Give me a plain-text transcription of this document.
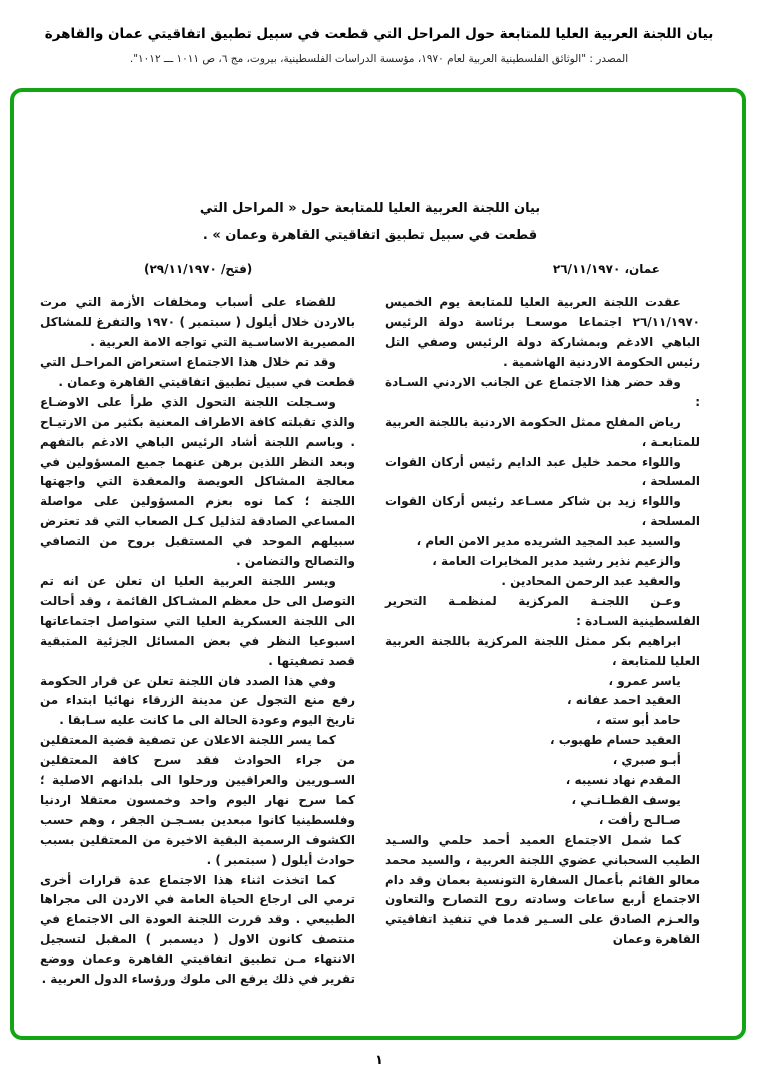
بيان اللجنة العربية العليا للمتابعة حول المراحل التي قطعت في سبيل تطبيق اتفاقيتي عمان والقاهرة
المصدر : "الوثائق الفلسطينية العربية لعام ١٩٧٠، مؤسسة الدراسات الفلسطينية، بيروت، مج ٦، ص ١٠١١ ـــ ١٠١٢".
بيان اللجنة العربية العليا للمتابعة حول « المراحل التي
قطعت في سبيل تطبيق اتفاقيتي القاهرة وعمان » .
عمان، ٢٦/١١/١٩٧٠
(فتح/ ٢٩/١١/١٩٧٠)

عقدت اللجنة العربية العليا للمتابعة يوم الخميس ٢٦/١١/١٩٧٠ اجتماعا موسعـا برئاسة دولة الرئيس الباهي الادغم وبمشاركة دولة الرئيس وصفي التل رئيس الحكومة الاردنية الهاشمية .

وقد حضر هذا الاجتماع عن الجانب الاردني السـادة :

رياض المفلح ممثل الحكومة الاردنية باللجنة العربية للمتابعـة ،

واللواء محمد خليل عبد الدايم رئيس أركان القوات المسلحة ،

واللواء زيد بن شاكر مسـاعد رئيس أركان القوات المسلحة ،

والسيد عبد المجيد الشريده مدير الامن العام ،

والزعيم نذير رشيد مدير المخابرات العامة ،

والعقيد عبد الرحمن المحادين .

وعـن اللجنـة المركزية لمنظمـة التحرير الفلسطينية السـادة :

ابراهيم بكر ممثل اللجنة المركزية باللجنة العربية العليا للمتابعة ،

ياسر عمرو ،

العقيد احمد عفانه ،

حامد أبو سته ،

العقيد حسام طهبوب ،

أبـو صبري ،

المقدم نهاد نسيبه ،

يوسف القطـانـي ،

صـالـح رأفت ،

كما شمل الاجتماع العميد أحمد حلمي والسـيد الطيب السحباني عضوي اللجنة العربية ، والسيد محمد معالو القائم بأعمال السفارة التونسية بعمان وقد دام الاجتماع أربع ساعات وسادته روح التصارح والتعاون والعـزم الصادق على السـير قدما في تنفيذ اتفاقيتي القاهرة وعمان

للقضاء على أسباب ومخلفات الأزمة التي مرت بالاردن خلال أيلول ( سبتمبر ) ١٩٧٠ والتفرغ للمشاكل المصيرية الاساسـية التي تواجه الامة العربية .

وقد تم خلال هذا الاجتماع استعراض المراحـل التي قطعت في سبيل تطبيق اتفاقيتي القاهرة وعمان .

وسـجلت اللجنة التحول الذي طرأ على الاوضـاع والذي تقبلته كافة الاطراف المعنية بكثير من الارتيـاح . وباسم اللجنة أشاد الرئيس الباهي الادغم بالتفهم وبعد النظر اللذين برهن عنهما جميع المسؤولين في معالجة المشاكل العويصة والمعقدة التي واجهتها اللجنة ؛ كما نوه بعزم المسؤولين على مواصلة المساعي الصادقة لتذليل كـل الصعاب التي قد تعترض سبيلهم الموحد في المستقبل بروح من التصافي والتصالح والتضامن .

ويسر اللجنة العربية العليا ان تعلن عن انه تم التوصل الى حل معظم المشـاكل القائمة ، وقد أحالت الى اللجنة العسكرية العليا التي ستواصل اجتماعاتها اسبوعيا النظر في بعض المسائل الجزئية المتبقية قصد تصفيتها .

وفي هذا الصدد فان اللجنة تعلن عن قرار الحكومة رفع منع التجول عن مدينة الزرقاء نهائيا ابتداء من تاريخ اليوم وعودة الحالة الى ما كانت عليه سـابقا .

كما يسر اللجنة الاعلان عن تصفية قضية المعتقلين من جراء الحوادث فقد سرح كافة المعتقلين السـوريين والعراقيين ورحلوا الى بلدانهم الاصلية ؛ كما سرح نهار اليوم واحد وخمسون معتقلا اردنيا وفلسطينيا كانوا مبعدين بسـجـن الجفر ، وهم حسب الكشوف الرسمية البقية الاخيرة من المعتقلين بسبب حوادث أيلول ( سبتمبر ) .

كما اتخذت اثناء هذا الاجتماع عدة قرارات أخرى ترمي الى ارجاع الحياة العامة في الاردن الى مجراها الطبيعي . وقد قررت اللجنة العودة الى الاجتماع في منتصف كانون الاول ( ديسمبر ) المقبل لتسجيل الانتهاء مـن تطبيق اتفاقيتي القاهرة وعمان ووضع تقرير في ذلك يرفع الى ملوك ورؤساء الدول العربية .

١
